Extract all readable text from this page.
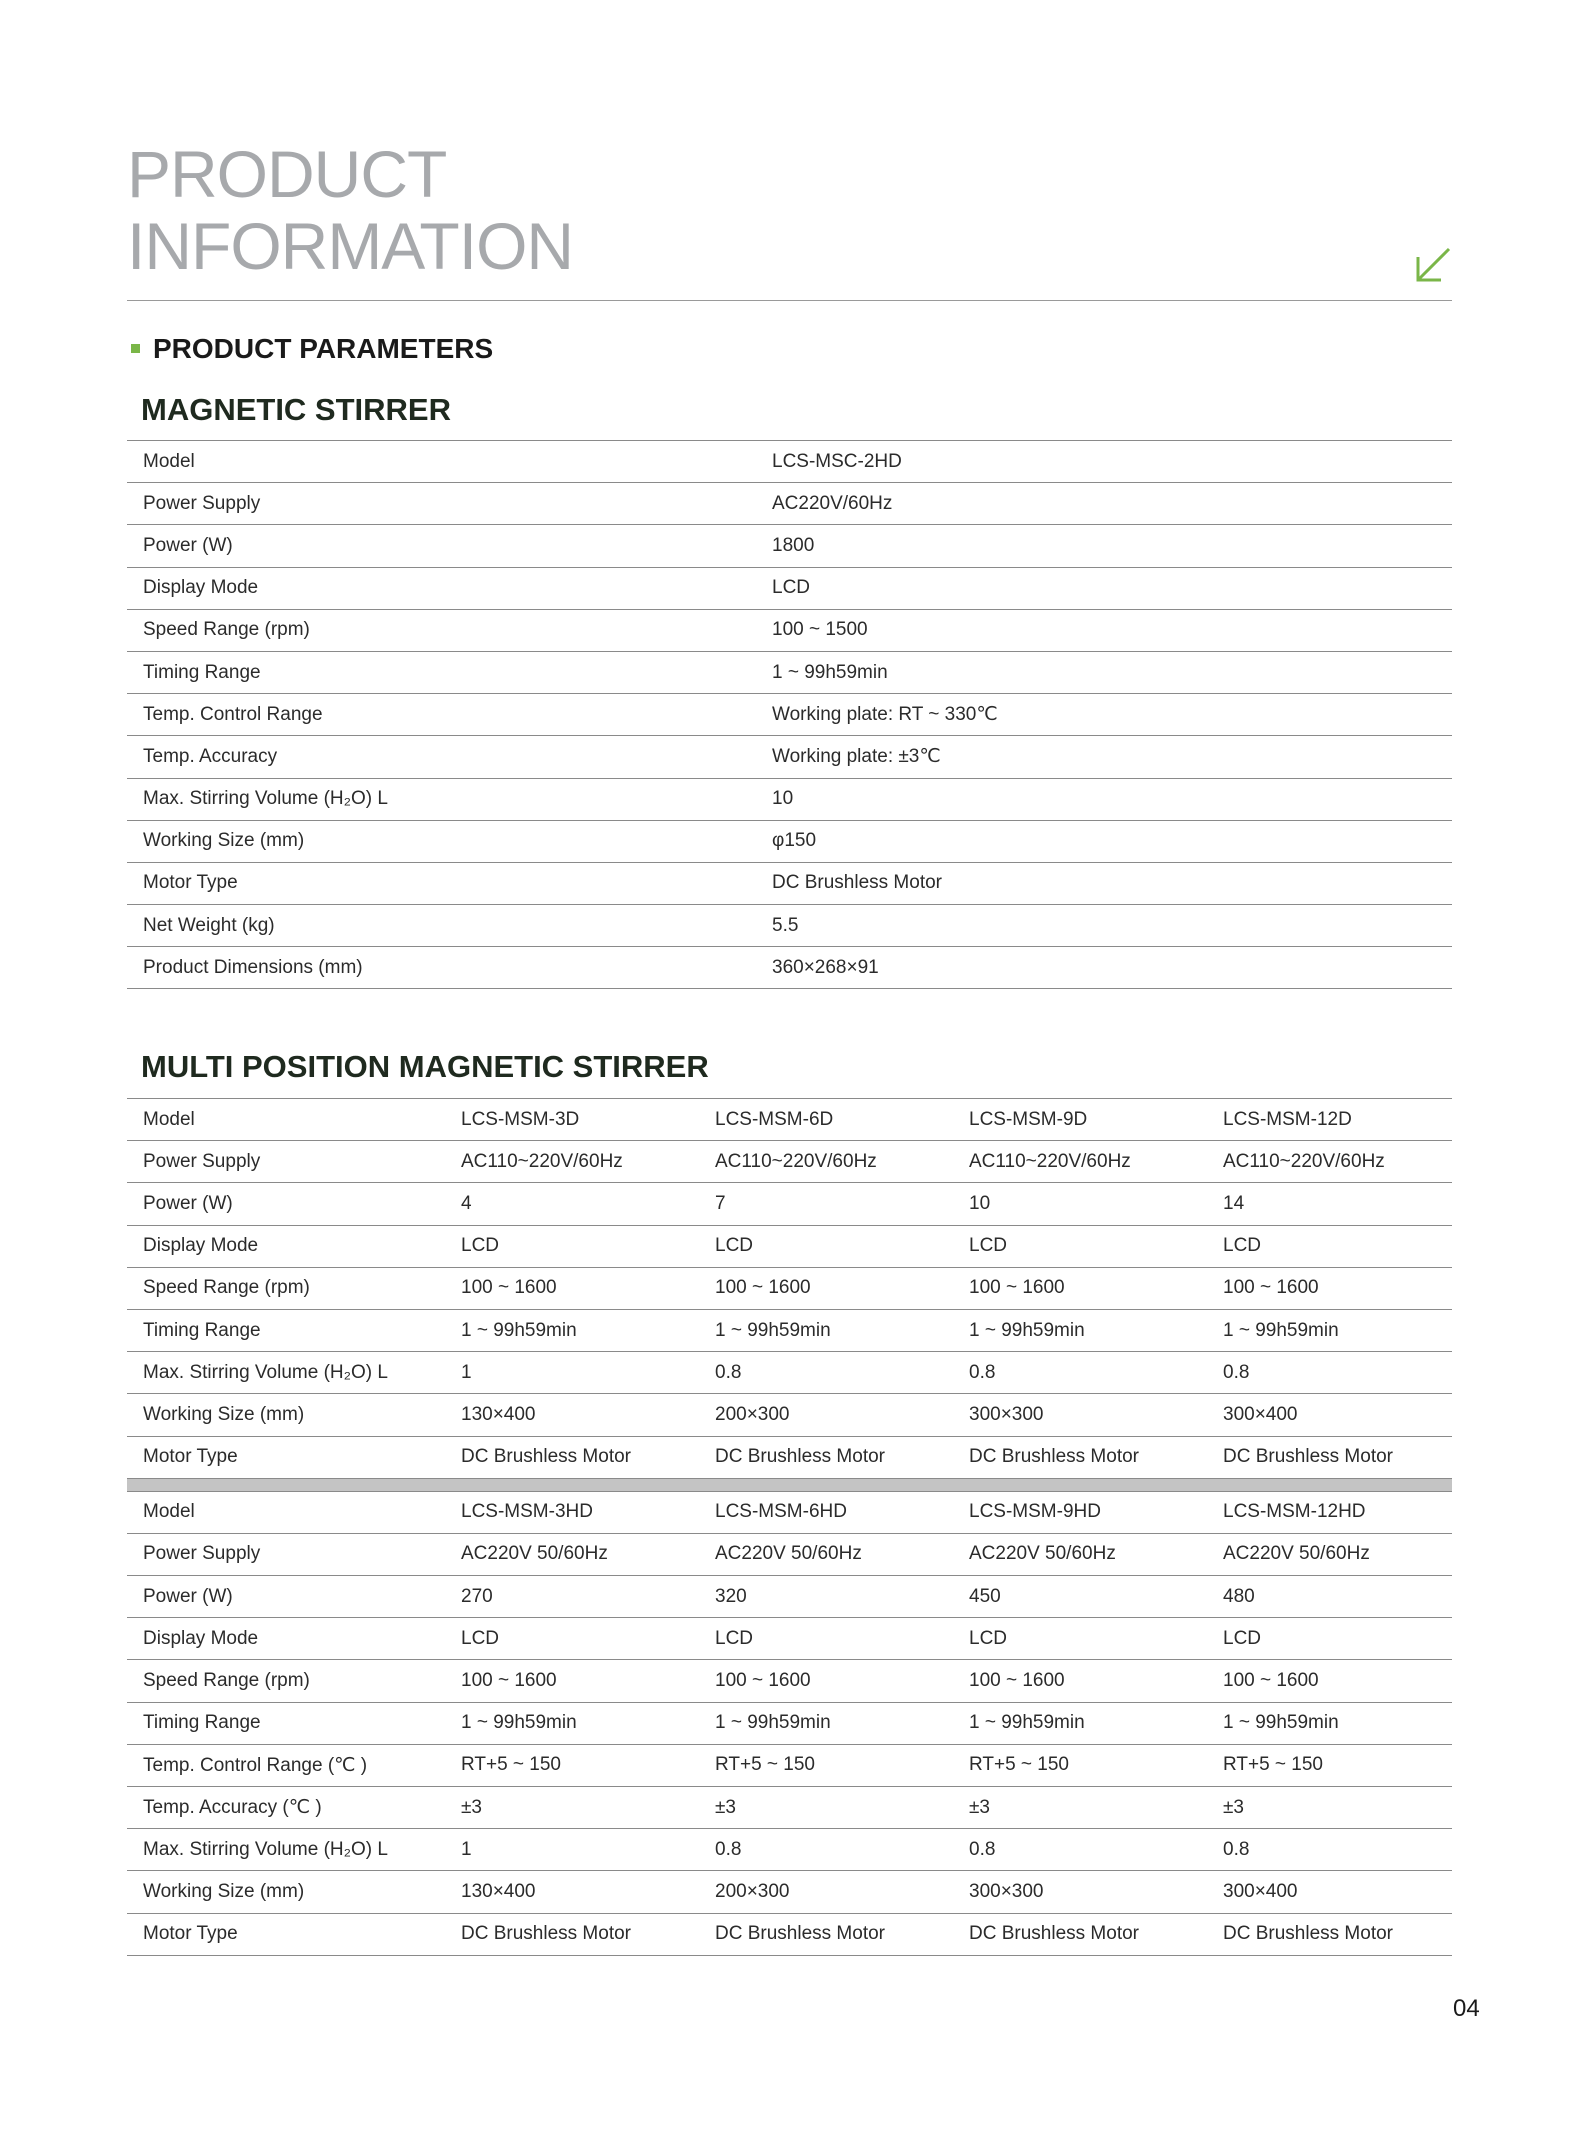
PRODUCT
INFORMATION
PRODUCT PARAMETERS
MAGNETIC STIRRER
Model	LCS-MSC-2HD
Power Supply	AC220V/60Hz
Power (W)	1800
Display Mode	LCD
Speed Range (rpm)	100 ~ 1500
Timing Range	1 ~ 99h59min
Temp. Control Range	Working plate: RT ~ 330℃
Temp. Accuracy	Working plate: ±3℃
Max. Stirring Volume (H₂O) L	10
Working Size (mm)	φ150
Motor Type	DC Brushless Motor
Net Weight (kg)	5.5
Product Dimensions (mm)	360×268×91
MULTI POSITION MAGNETIC STIRRER
Model	LCS-MSM-3D	LCS-MSM-6D	LCS-MSM-9D	LCS-MSM-12D
Power Supply	AC110~220V/60Hz	AC110~220V/60Hz	AC110~220V/60Hz	AC110~220V/60Hz
Power (W)	4	7	10	14
Display Mode	LCD	LCD	LCD	LCD
Speed Range (rpm)	100 ~ 1600	100 ~ 1600	100 ~ 1600	100 ~ 1600
Timing Range	1 ~ 99h59min	1 ~ 99h59min	1 ~ 99h59min	1 ~ 99h59min
Max. Stirring Volume (H₂O) L	1	0.8	0.8	0.8
Working Size (mm)	130×400	200×300	300×300	300×400
Motor Type	DC Brushless Motor	DC Brushless Motor	DC Brushless Motor	DC Brushless Motor
Model	LCS-MSM-3HD	LCS-MSM-6HD	LCS-MSM-9HD	LCS-MSM-12HD
Power Supply	AC220V 50/60Hz	AC220V 50/60Hz	AC220V 50/60Hz	AC220V 50/60Hz
Power (W)	270	320	450	480
Display Mode	LCD	LCD	LCD	LCD
Speed Range (rpm)	100 ~ 1600	100 ~ 1600	100 ~ 1600	100 ~ 1600
Timing Range	1 ~ 99h59min	1 ~ 99h59min	1 ~ 99h59min	1 ~ 99h59min
Temp. Control Range (℃ )	RT+5 ~ 150	RT+5 ~ 150	RT+5 ~ 150	RT+5 ~ 150
Temp. Accuracy (℃ )	±3	±3	±3	±3
Max. Stirring Volume (H₂O) L	1	0.8	0.8	0.8
Working Size (mm)	130×400	200×300	300×300	300×400
Motor Type	DC Brushless Motor	DC Brushless Motor	DC Brushless Motor	DC Brushless Motor
04
